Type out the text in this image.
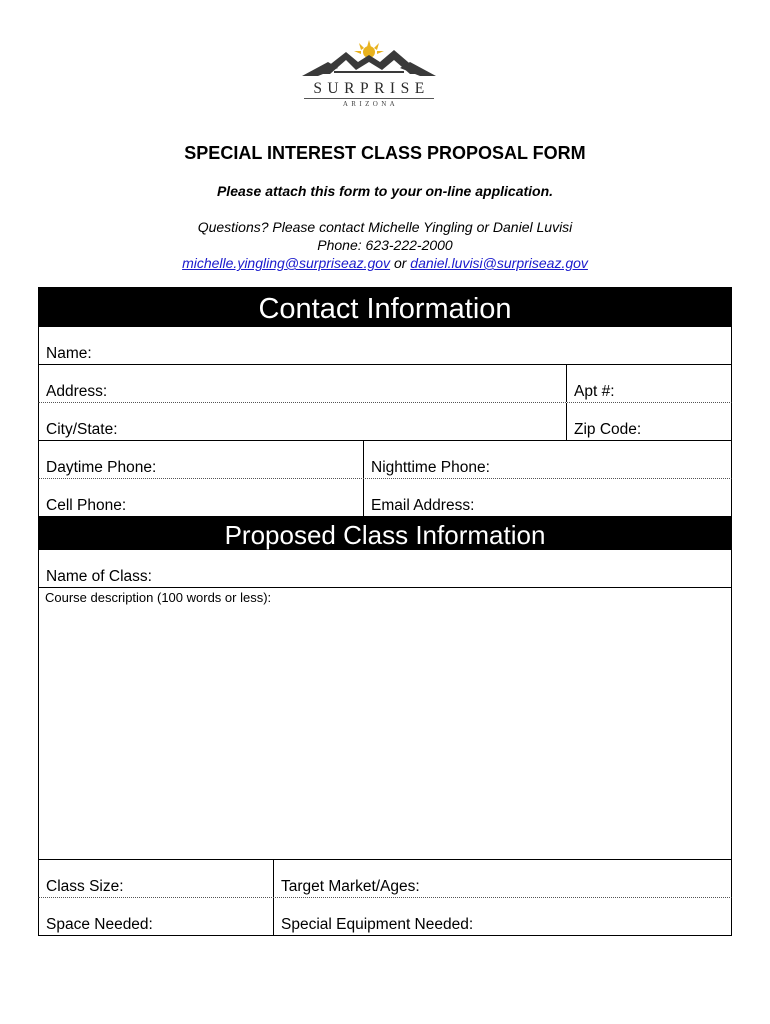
SURPRISE
ARIZONA
SPECIAL INTEREST CLASS PROPOSAL FORM
Please attach this form to your on-line application.
Questions? Please contact Michelle Yingling or Daniel Luvisi
Phone: 623-222-2000
michelle.yingling@surpriseaz.gov or daniel.luvisi@surpriseaz.gov
Contact Information
Name:
Address:	Apt #:
City/State:	Zip Code:
Daytime Phone:	Nighttime Phone:
Cell Phone:	Email Address:
Proposed Class Information
Name of Class:
Course description (100 words or less):
Class Size:	Target Market/Ages:
Space Needed:	Special Equipment Needed:
